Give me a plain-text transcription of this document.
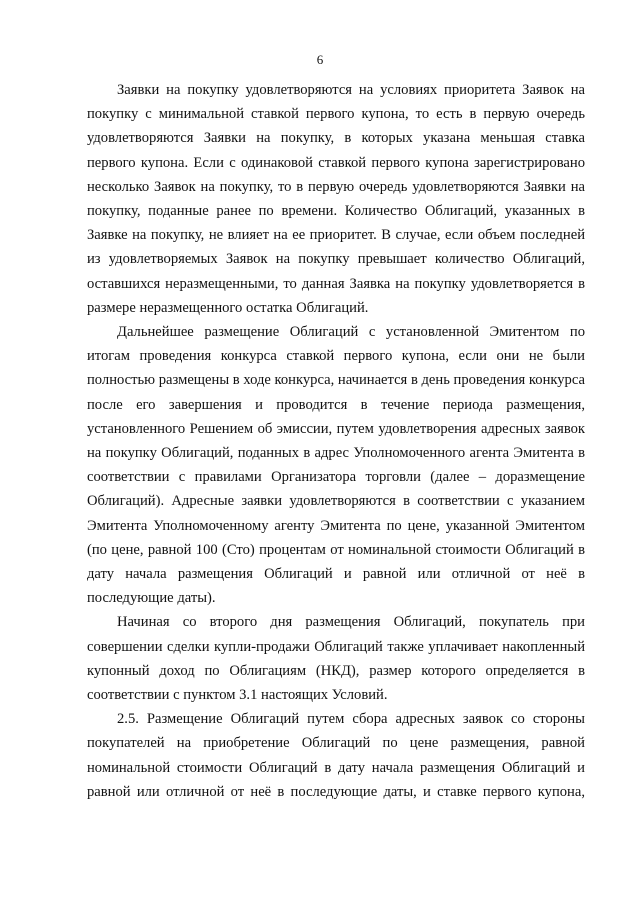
6

Заявки на покупку удовлетворяются на условиях приоритета Заявок на
покупку с минимальной ставкой первого купона, то есть в первую очередь
удовлетворяются Заявки на покупку, в которых указана меньшая ставка
первого купона. Если с одинаковой ставкой первого купона зарегистрировано
несколько Заявок на покупку, то в первую очередь удовлетворяются Заявки на
покупку, поданные ранее по времени. Количество Облигаций, указанных в
Заявке на покупку, не влияет на ее приоритет. В случае, если объем последней
из удовлетворяемых Заявок на покупку превышает количество Облигаций,
оставшихся неразмещенными, то данная Заявка на покупку удовлетворяется в
размере неразмещенного остатка Облигаций.

Дальнейшее размещение Облигаций с установленной Эмитентом по
итогам проведения конкурса ставкой первого купона, если они не были
полностью размещены в ходе конкурса, начинается в день проведения конкурса
после его завершения и проводится в течение периода размещения,
установленного Решением об эмиссии, путем удовлетворения адресных заявок
на покупку Облигаций, поданных в адрес Уполномоченного агента Эмитента в
соответствии с правилами Организатора торговли (далее – доразмещение
Облигаций). Адресные заявки удовлетворяются в соответствии с указанием
Эмитента Уполномоченному агенту Эмитента по цене, указанной Эмитентом
(по цене, равной 100 (Сто) процентам от номинальной стоимости Облигаций в
дату начала размещения Облигаций и равной или отличной от неё в
последующие даты).

Начиная со второго дня размещения Облигаций, покупатель при
совершении сделки купли-продажи Облигаций также уплачивает накопленный
купонный доход по Облигациям (НКД), размер которого определяется в
соответствии с пунктом 3.1 настоящих Условий.

2.5. Размещение Облигаций путем сбора адресных заявок со стороны
покупателей на приобретение Облигаций по цене размещения, равной
номинальной стоимости Облигаций в дату начала размещения Облигаций и
равной или отличной от неё в последующие даты, и ставке первого купона,
